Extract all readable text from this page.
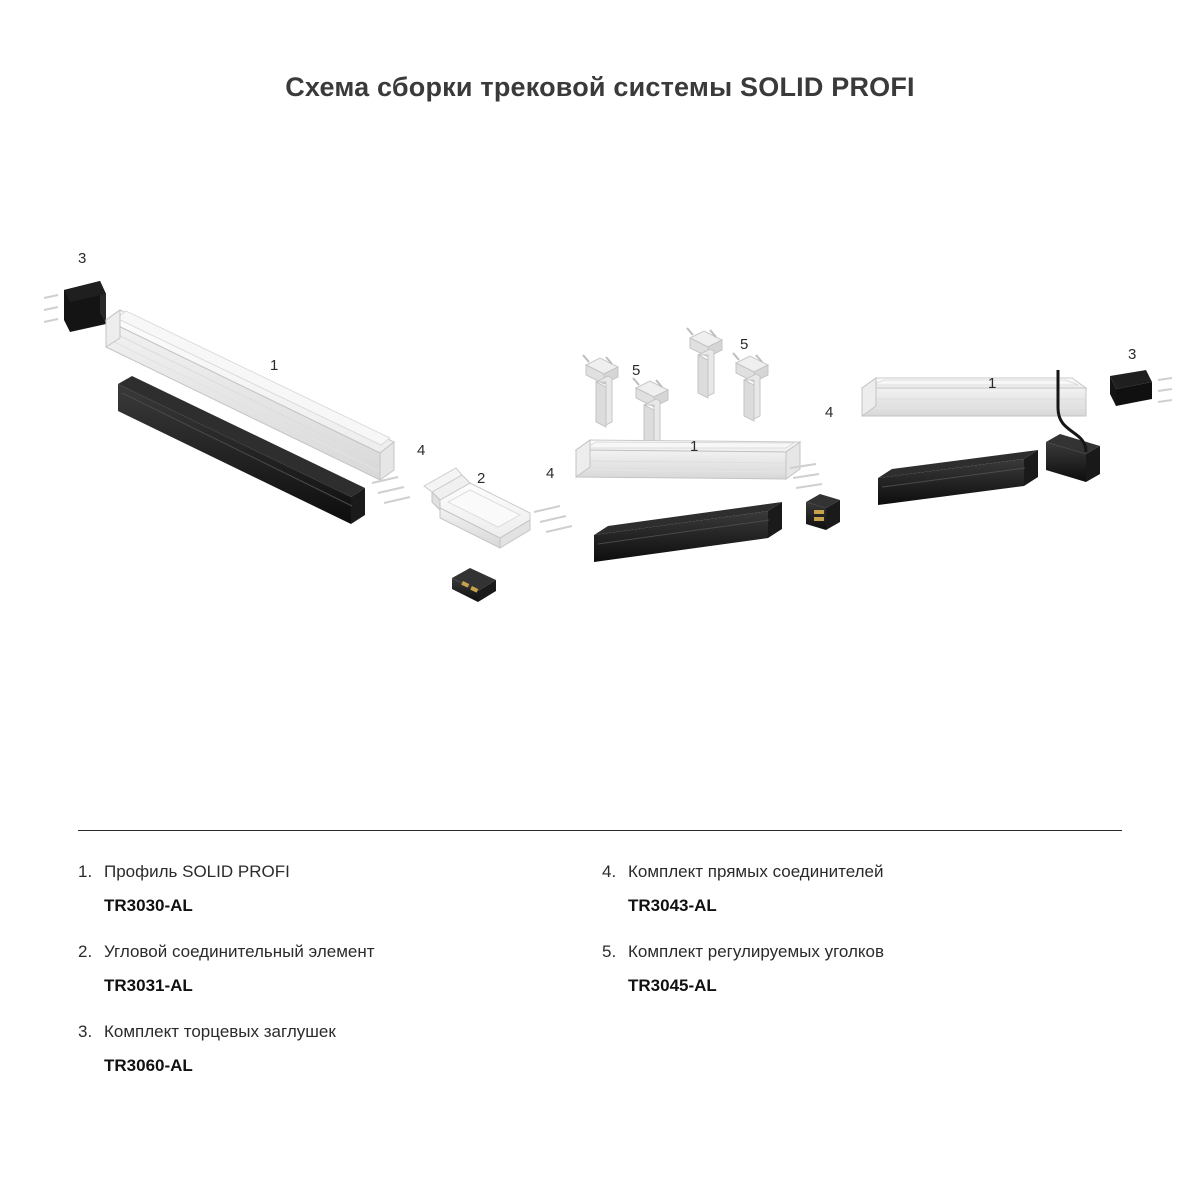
Схема сборки трековой системы SOLID PROFI
3
1
4
2	4
5
5
1
4
1
3
1. Профиль SOLID PROFI
TR3030-AL
2. Угловой соединительный элемент
TR3031-AL
3. Комплект торцевых заглушек
TR3060-AL
4. Комплект прямых соединителей
TR3043-AL
5. Комплект регулируемых уголков
TR3045-AL
